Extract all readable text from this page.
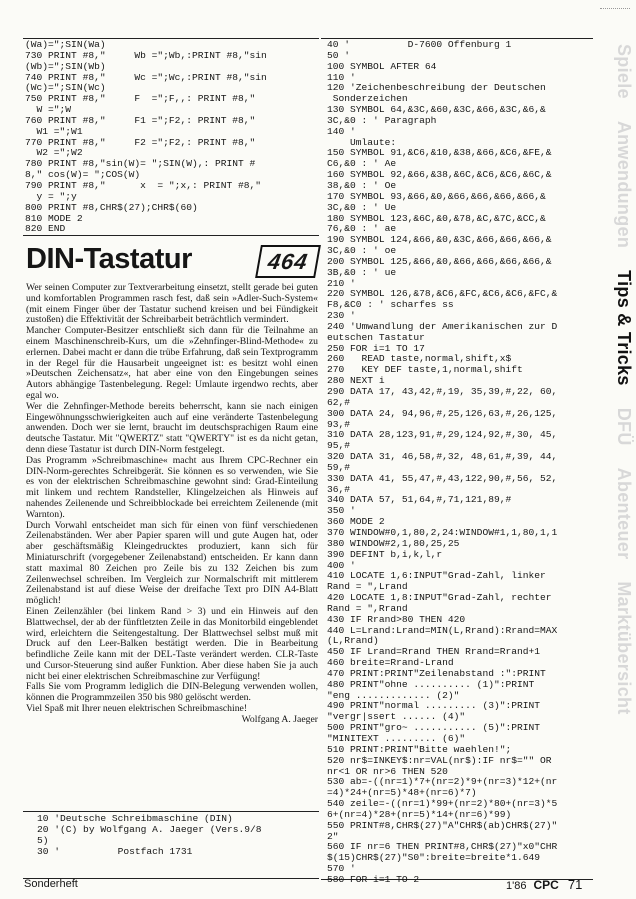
(Wa)=";SIN(Wa)
730 PRINT #8,"     Wb =";Wb,:PRINT #8,"sin
(Wb)=";SIN(Wb)
740 PRINT #8,"     Wc =";Wc,:PRINT #8,"sin
(Wc)=";SIN(Wc)
750 PRINT #8,"     F  =";F,,: PRINT #8,"
W =";W
760 PRINT #8,"     F1 =";F2,: PRINT #8,"
W1 =";W1
770 PRINT #8,"     F2 =";F2,: PRINT #8,"
W2 =";W2
780 PRINT #8,"sin(W)= ";SIN(W),: PRINT #
8," cos(W)= ";COS(W)
790 PRINT #8,"      x  = ";x,: PRINT #8,"
y = ";y
800 PRINT #8,CHR$(27);CHR$(60)
810 MODE 2
820 END
DIN-Tastatur	464

Wer seinen Computer zur Textverarbeitung einsetzt, stellt gerade bei guten und komfortablen Programmen rasch fest, daß sein »Adler-Such-System« (mit einem Finger über der Tastatur suchend kreisen und bei Fündigkeit zustoßen) die Effektivität der Schreibarbeit beträchtlich vermindert.

Mancher Computer-Besitzer entschließt sich dann für die Teilnahme an einem Maschinenschreib-Kurs, um die »Zehnfinger-Blind-Methode« zu erlernen. Dabei macht er dann die trübe Erfahrung, daß sein Textprogramm in der Regel für die Hausarbeit ungeeignet ist: es besitzt wohl einen »Deutschen Zeichensatz«, hat aber eine von den Eingebungen seines Autors abhängige Tastenbelegung. Regel: Umlaute irgendwo rechts, aber egal wo.

Wer die Zehnfinger-Methode bereits beherrscht, kann sie nach einigen Eingewöhnungsschwierigkeiten auch auf eine veränderte Tastenbelegung anwenden. Doch wer sie lernt, braucht im deutschsprachigen Raum eine deutsche Tastatur. Mit "QWERTZ" statt "QWERTY" ist es da nicht getan, denn diese Tastatur ist durch DIN-Norm festgelegt.

Das Programm »Schreibmaschine« macht aus Ihrem CPC-Rechner ein DIN-Norm-gerechtes Schreibgerät. Sie können es so verwenden, wie Sie es von der elektrischen Schreibmaschine gewohnt sind: Grad-Einteilung mit linkem und rechtem Randsteller, Klingelzeichen als Hinweis auf nahendes Zeilenende und Schreibblockade bei erreichtem Zeilenende (mit Warnton).

Durch Vorwahl entscheidet man sich für einen von fünf verschiedenen Zeilenabständen. Wer aber Papier sparen will und gute Augen hat, oder aber geschäftsmäßig Kleingedrucktes produziert, kann sich für Miniaturschrift (vorgegebener Zeilenabstand) entscheiden. Er kann dann statt maximal 80 Zeichen pro Zeile bis zu 132 Zeichen bis zum Zeilenwechsel schreiben. Im Vergleich zur Normalschrift mit mittlerem Zeilenabstand ist auf diese Weise der dreifache Text pro DIN A4-Blatt möglich!

Einen Zeilenzähler (bei linkem Rand > 3) und ein Hinweis auf den Blattwechsel, der ab der fünftletzten Zeile in das Monitorbild eingeblendet wird, erleichtern die Seitengestaltung. Der Blattwechsel selbst muß mit Druck auf den Leer-Balken bestätigt werden. Die in Bearbeitung befindliche Zeile kann mit der DEL-Taste verändert werden. CLR-Taste und Cursor-Steuerung sind außer Funktion. Aber diese haben Sie ja auch nicht bei einer elektrischen Schreibmaschine zur Verfügung!

Falls Sie vom Programm lediglich die DIN-Belegung verwenden wollen, können die Programmzeilen 350 bis 980 gelöscht werden.

Viel Spaß mit Ihrer neuen elektrischen Schreibmaschine!

Wolfgang A. Jaeger

10 'Deutsche Schreibmaschine (DIN)
20 '(C) by Wolfgang A. Jaeger (Vers.9/8
5)
30 '          Postfach 1731
40 '          D-7600 Offenburg 1
50 '
100 SYMBOL AFTER 64
110 '
120 'Zeichenbeschreibung der Deutschen
Sonderzeichen
130 SYMBOL 64,&3C,&60,&3C,&66,&3C,&6,&
3C,&0 : ' Paragraph
140 '
Umlaute:
150 SYMBOL 91,&C6,&10,&38,&66,&C6,&FE,&
C6,&0 : ' Ae
160 SYMBOL 92,&66,&38,&6C,&C6,&C6,&6C,&
38,&0 : ' Oe
170 SYMBOL 93,&66,&0,&66,&66,&66,&66,&
3C,&0 : ' Ue
180 SYMBOL 123,&6C,&0,&78,&C,&7C,&CC,&
76,&0 : ' ae
190 SYMBOL 124,&66,&0,&3C,&66,&66,&66,&
3C,&0 : ' oe
200 SYMBOL 125,&66,&0,&66,&66,&66,&66,&
3B,&0 : ' ue
210 '
220 SYMBOL 126,&78,&C6,&FC,&C6,&C6,&FC,&
F8,&C0 : ' scharfes ss
230 '
240 'Umwandlung der Amerikanischen zur D
eutschen Tastatur
250 FOR i=1 TO 17
260   READ taste,normal,shift,x$
270   KEY DEF taste,1,normal,shift
280 NEXT i
290 DATA 17, 43,42,#,19, 35,39,#,22, 60,
62,#
300 DATA 24, 94,96,#,25,126,63,#,26,125,
93,#
310 DATA 28,123,91,#,29,124,92,#,30, 45,
95,#
320 DATA 31, 46,58,#,32, 48,61,#,39, 44,
59,#
330 DATA 41, 55,47,#,43,122,90,#,56, 52,
36,#
340 DATA 57, 51,64,#,71,121,89,#
350 '
360 MODE 2
370 WINDOW#0,1,80,2,24:WINDOW#1,1,80,1,1
380 WINDOW#2,1,80,25,25
390 DEFINT b,i,k,l,r
400 '
410 LOCATE 1,6:INPUT"Grad-Zahl, linker
Rand = ",Lrand
420 LOCATE 1,8:INPUT"Grad-Zahl, rechter
Rand = ",Rrand
430 IF Rrand>80 THEN 420
440 L=Lrand:Lrand=MIN(L,Rrand):Rrand=MAX
(L,Rrand)
450 IF Lrand=Rrand THEN Rrand=Rrand+1
460 breite=Rrand-Lrand
470 PRINT:PRINT"Zeilenabstand :":PRINT
480 PRINT"ohne .......... (1)":PRINT
"eng ............. (2)"
490 PRINT"normal ......... (3)":PRINT
"vergr|ssert ...... (4)"
500 PRINT"gro~ ........... (5)":PRINT
"MINITEXT ......... (6)"
510 PRINT:PRINT"Bitte waehlen!";
520 nr$=INKEY$:nr=VAL(nr$):IF nr$="" OR
nr<1 OR nr>6 THEN 520
530 ab=-((nr=1)*7+(nr=2)*9+(nr=3)*12+(nr
=4)*24+(nr=5)*48+(nr=6)*7)
540 zeile=-((nr=1)*99+(nr=2)*80+(nr=3)*5
6+(nr=4)*28+(nr=5)*14+(nr=6)*99)
550 PRINT#8,CHR$(27)"A"CHR$(ab)CHR$(27)"
2"
560 IF nr=6 THEN PRINT#8,CHR$(27)"x0"CHR
$(15)CHR$(27)"S0":breite=breite*1.649
570 '
580 FOR i=1 TO 2
SpieleAnwendungenTips & TricksDFÜAbenteuerMarktübersicht
Sonderheft	1'86 CPC 71
